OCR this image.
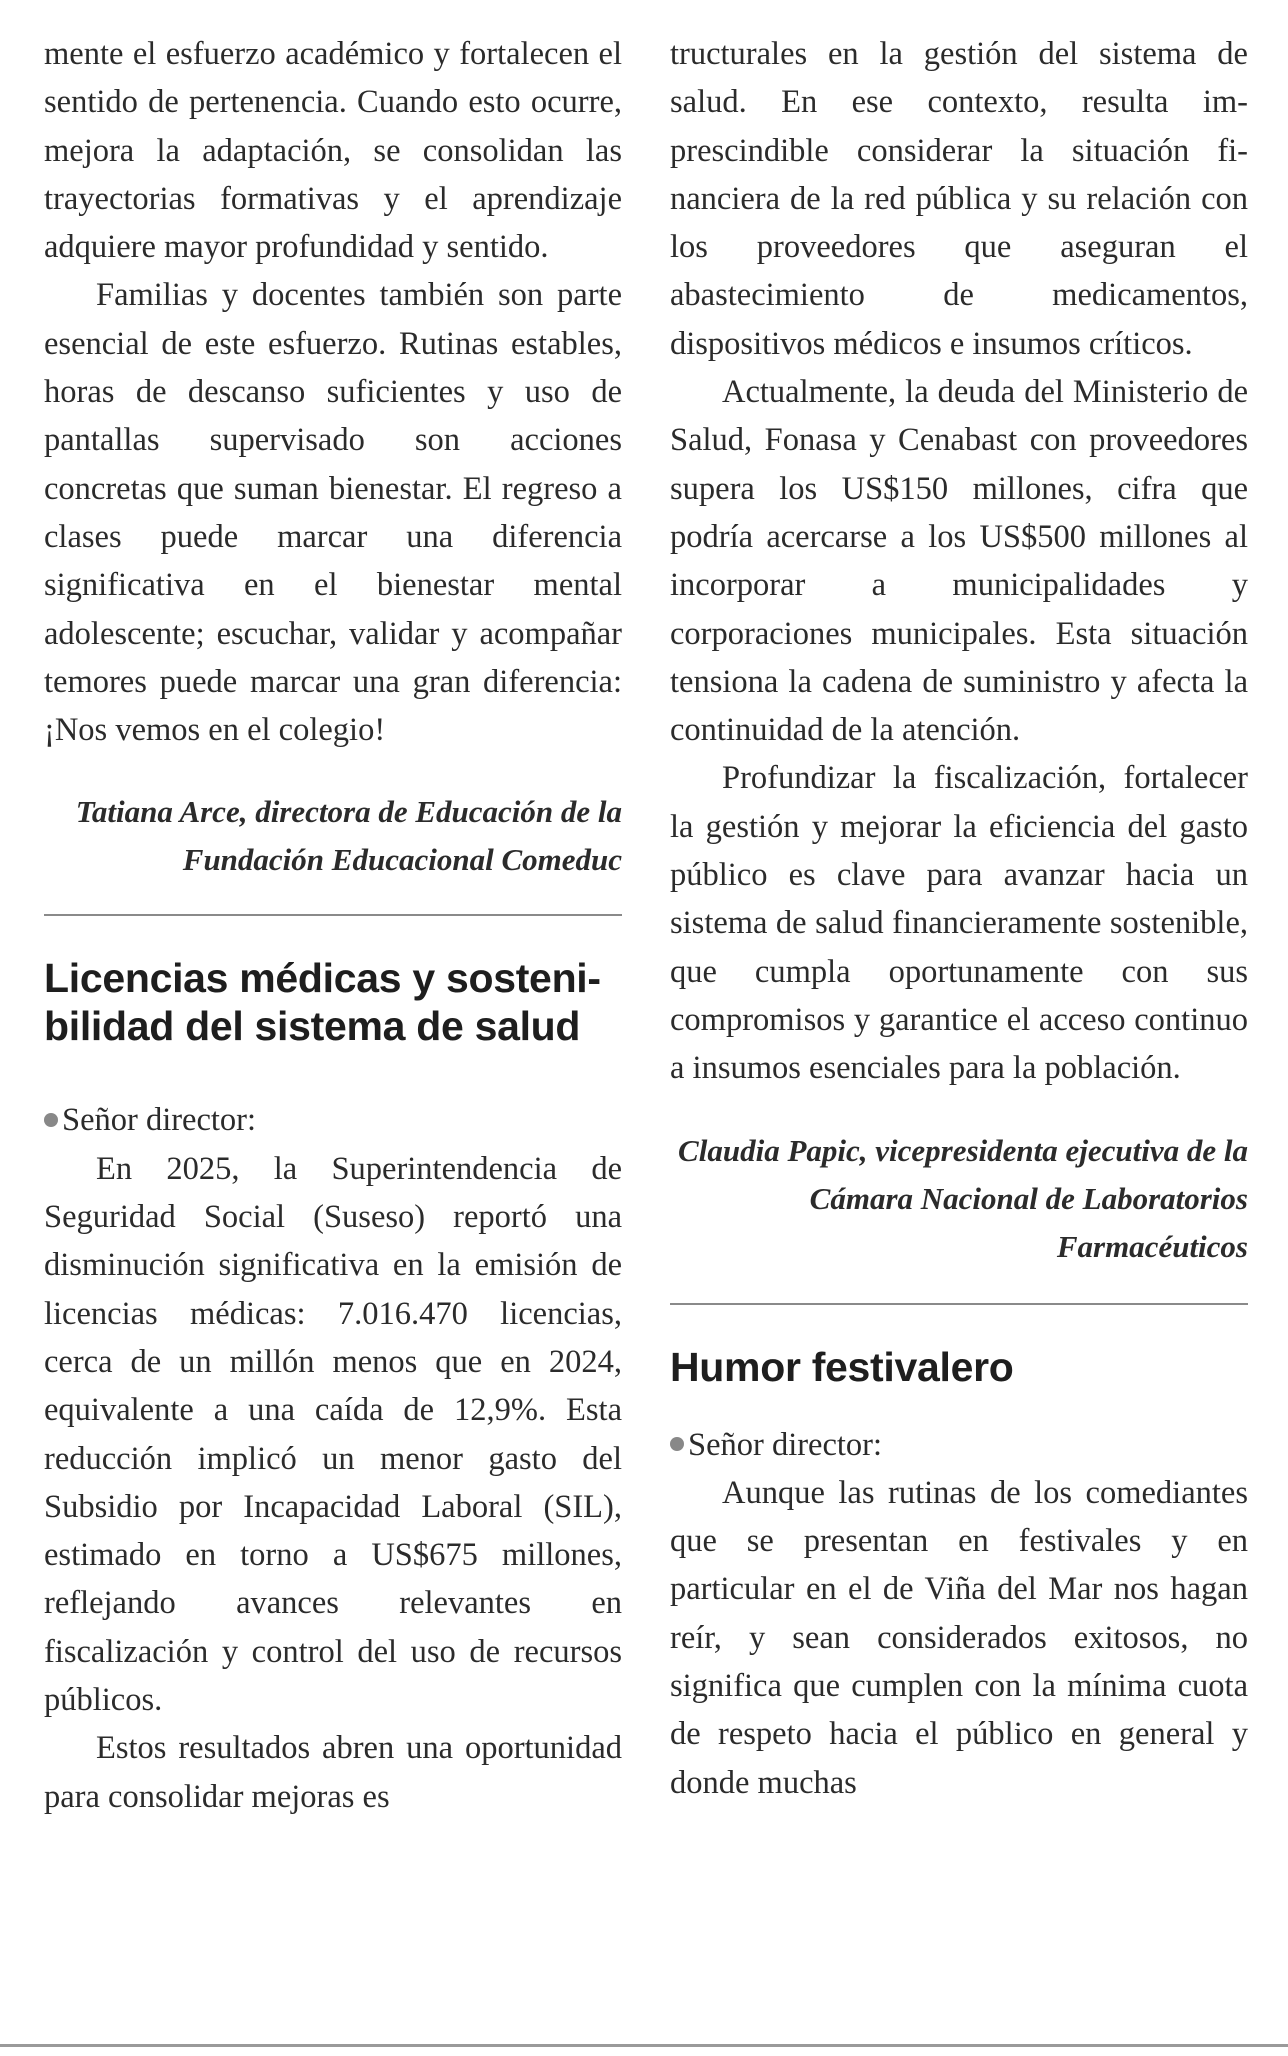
mente el esfuerzo académico y fortalecen el sentido de pertenencia. Cuando esto ocurre, mejora la adaptación, se consolidan las trayectorias formativas y el aprendizaje adquiere mayor profundidad y sentido.

Familias y docentes también son parte esencial de este esfuerzo. Rutinas estables, horas de descanso suficientes y uso de pantallas supervisado son acciones concretas que suman bienestar. El regreso a clases puede marcar una diferencia significativa en el bienestar mental adolescente; escuchar, validar y acompañar temores puede marcar una gran diferencia: ¡Nos vemos en el colegio!

Tatiana Arce, directora de Educación de la Fundación Educacional Comeduc

Licencias médicas y sostenibilidad del sistema de salud

Señor director:

En 2025, la Superintendencia de Seguridad Social (Suseso) reportó una disminución significativa en la emisión de licencias médicas: 7.016.470 licencias, cerca de un millón menos que en 2024, equivalente a una caída de 12,9%. Esta reducción implicó un menor gasto del Subsidio por Incapacidad Laboral (SIL), estimado en torno a US$675 millones, reflejando avances relevantes en fiscalización y control del uso de recursos públicos.

Estos resultados abren una oportunidad para consolidar mejoras es

tructurales en la gestión del sistema de salud. En ese contexto, resulta imprescindible considerar la situación financiera de la red pública y su relación con los proveedores que aseguran el abastecimiento de medicamentos, dispositivos médicos e insumos críticos.

Actualmente, la deuda del Ministerio de Salud, Fonasa y Cenabast con proveedores supera los US$150 millones, cifra que podría acercarse a los US$500 millones al incorporar a municipalidades y corporaciones municipales. Esta situación tensiona la cadena de suministro y afecta la continuidad de la atención.

Profundizar la fiscalización, fortalecer la gestión y mejorar la eficiencia del gasto público es clave para avanzar hacia un sistema de salud financieramente sostenible, que cumpla oportunamente con sus compromisos y garantice el acceso continuo a insumos esenciales para la población.

Claudia Papic, vicepresidenta ejecutiva de la Cámara Nacional de Laboratorios Farmacéuticos

Humor festivalero

Señor director:

Aunque las rutinas de los comediantes que se presentan en festivales y en particular en el de Viña del Mar nos hagan reír, y sean considerados exitosos, no significa que cumplen con la mínima cuota de respeto hacia el público en general y donde muchas
